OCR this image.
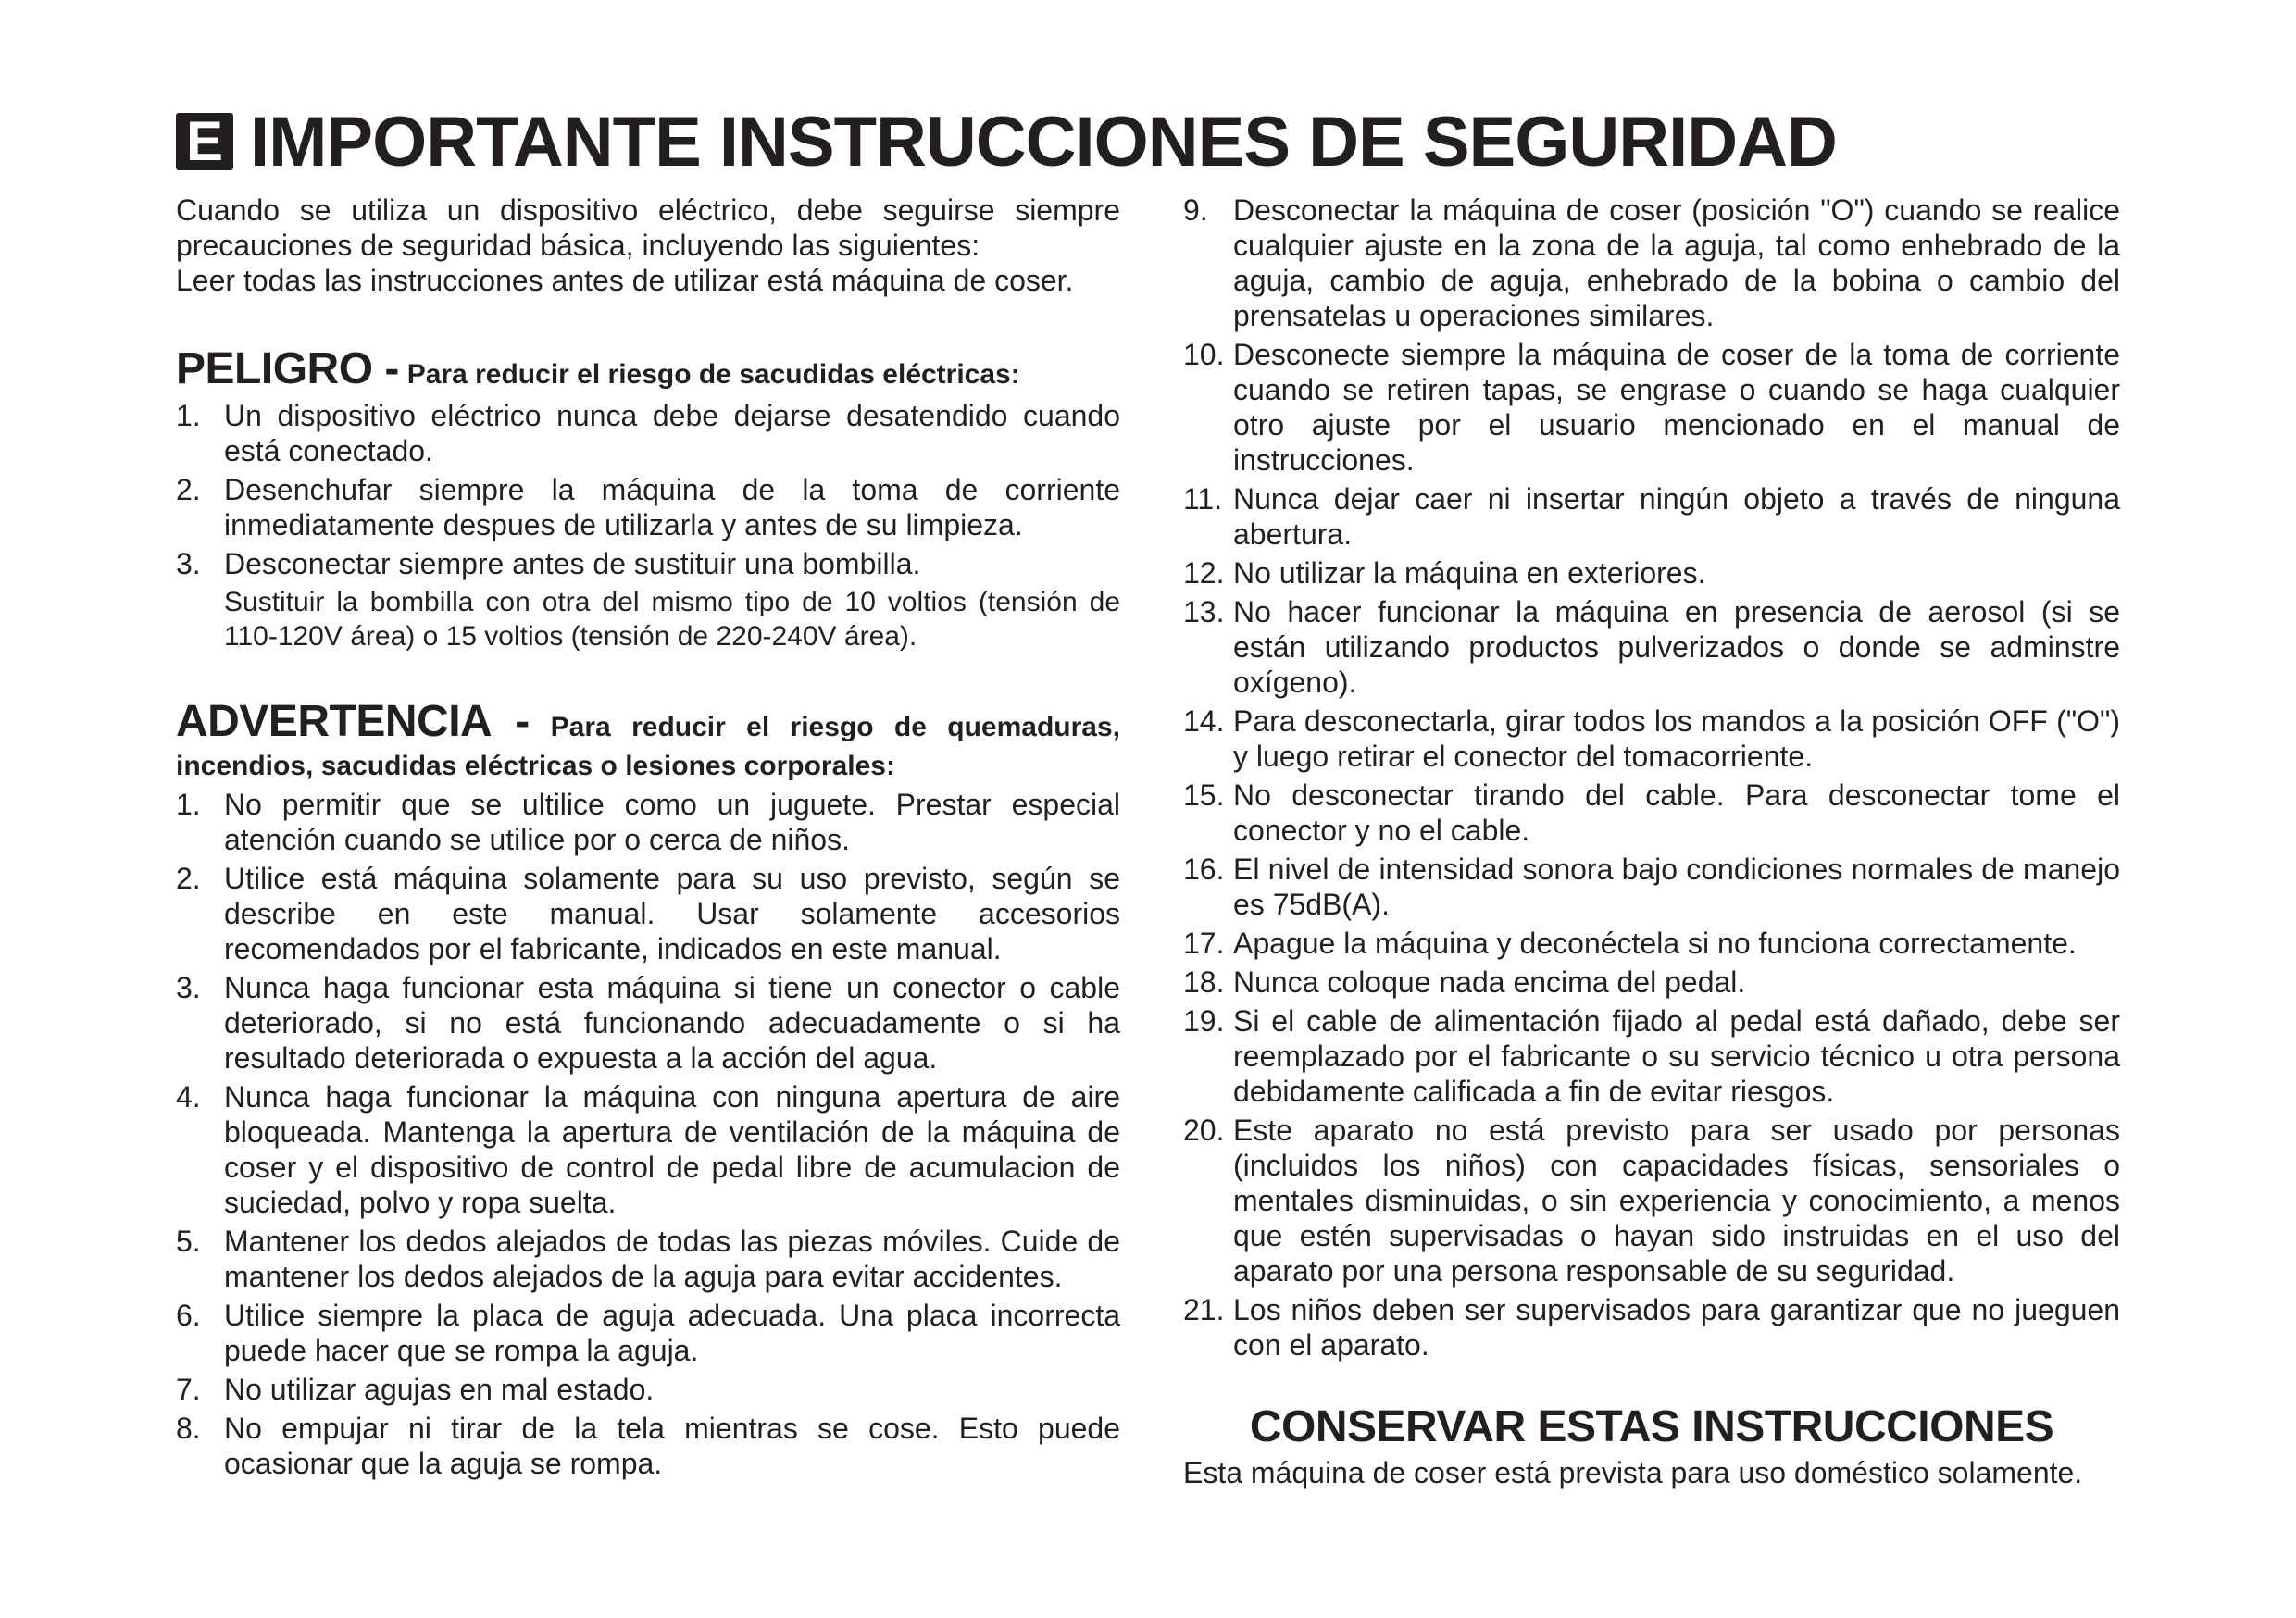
E IMPORTANTE INSTRUCCIONES DE SEGURIDAD

Cuando se utiliza un dispositivo eléctrico, debe seguirse siempre precauciones de seguridad básica, incluyendo las siguientes:

Leer todas las instrucciones antes de utilizar está máquina de coser.

PELIGRO - Para reducir el riesgo de sacudidas eléctricas:
1. Un dispositivo eléctrico nunca debe dejarse desatendido cuando está conectado.
2. Desenchufar siempre la máquina de la toma de corriente inmediatamente despues de utilizarla y antes de su limpieza.
3. Desconectar siempre antes de sustituir una bombilla.
Sustituir la bombilla con otra del mismo tipo de 10 voltios (tensión de 110-120V área) o 15 voltios (tensión de 220-240V área).
ADVERTENCIA - Para reducir el riesgo de quemaduras, incendios, sacudidas eléctricas o lesiones corporales:
1. No permitir que se ultilice como un juguete. Prestar especial atención cuando se utilice por o cerca de niños.
2. Utilice está máquina solamente para su uso previsto, según se describe en este manual. Usar solamente accesorios recomendados por el fabricante, indicados en este manual.
3. Nunca haga funcionar esta máquina si tiene un conector o cable deteriorado, si no está funcionando adecuadamente o si ha resultado deteriorada o expuesta a la acción del agua.
4. Nunca haga funcionar la máquina con ninguna apertura de aire bloqueada. Mantenga la apertura de ventilación de la máquina de coser y el dispositivo de control de pedal libre de acumulacion de suciedad, polvo y ropa suelta.
5. Mantener los dedos alejados de todas las piezas móviles. Cuide de mantener los dedos alejados de la aguja para evitar accidentes.
6. Utilice siempre la placa de aguja adecuada. Una placa incorrecta puede hacer que se rompa la aguja.
7. No utilizar agujas en mal estado.
8. No empujar ni tirar de la tela mientras se cose. Esto puede ocasionar que la aguja se rompa.
9. Desconectar la máquina de coser (posición "O") cuando se realice cualquier ajuste en la zona de la aguja, tal como enhebrado de la aguja, cambio de aguja, enhebrado de la bobina o cambio del prensatelas u operaciones similares.
10. Desconecte siempre la máquina de coser de la toma de corriente cuando se retiren tapas, se engrase o cuando se haga cualquier otro ajuste por el usuario mencionado en el manual de instrucciones.
11. Nunca dejar caer ni insertar ningún objeto a través de ninguna abertura.
12. No utilizar la máquina en exteriores.
13. No hacer funcionar la máquina en presencia de aerosol (si se están utilizando productos pulverizados o donde se adminstre oxígeno).
14. Para desconectarla, girar todos los mandos a la posición OFF ("O") y luego retirar el conector del tomacorriente.
15. No desconectar tirando del cable. Para desconectar tome el conector y no el cable.
16. El nivel de intensidad sonora bajo condiciones normales de manejo es 75dB(A).
17. Apague la máquina y deconéctela si no funciona correctamente.
18. Nunca coloque nada encima del pedal.
19. Si el cable de alimentación fijado al pedal está dañado, debe ser reemplazado por el fabricante o su servicio técnico u otra persona debidamente calificada a fin de evitar riesgos.
20. Este aparato no está previsto para ser usado por personas (incluidos los niños) con capacidades físicas, sensoriales o mentales disminuidas, o sin experiencia y conocimiento, a menos que estén supervisadas o hayan sido instruidas en el uso del aparato por una persona responsable de su seguridad.
21. Los niños deben ser supervisados para garantizar que no jueguen con el aparato.
CONSERVAR ESTAS INSTRUCCIONES
Esta máquina de coser está prevista para uso doméstico solamente.
